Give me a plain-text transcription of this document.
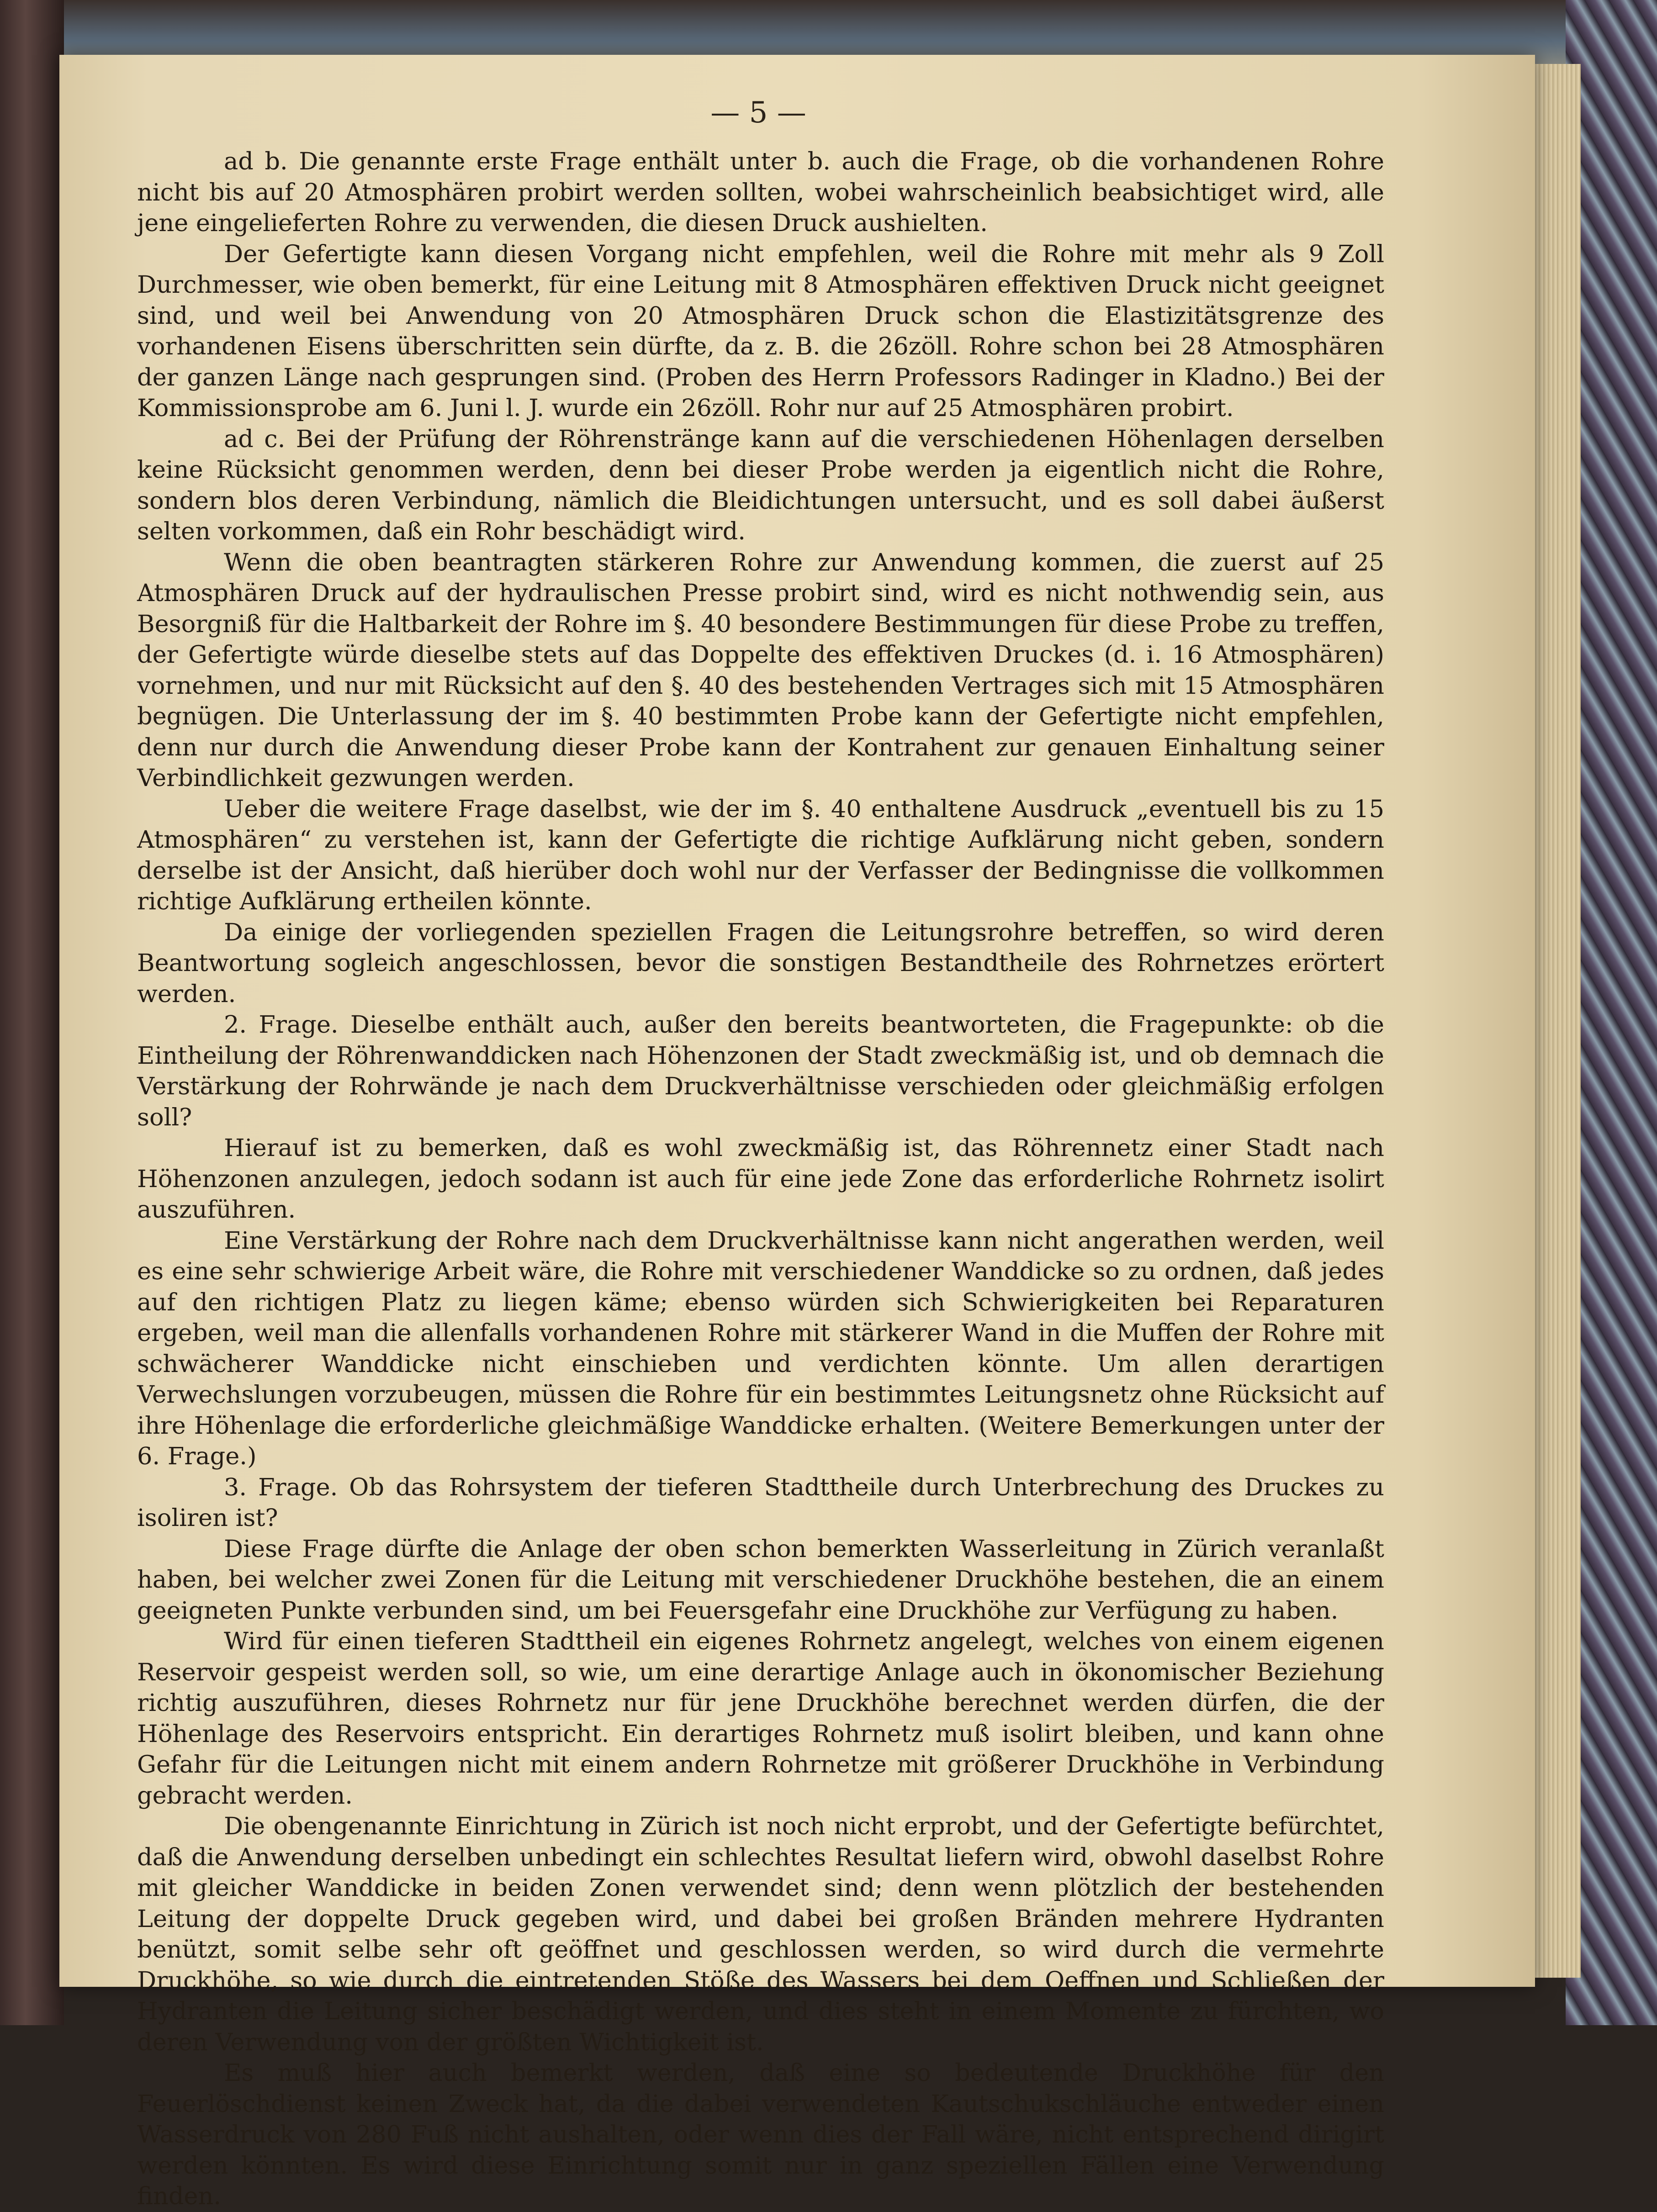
— 5 —

ad b. Die genannte erste Frage enthält unter b. auch die Frage, ob die vorhandenen Rohre nicht bis auf 20 Atmosphären probirt werden sollten, wobei wahrscheinlich beabsichtiget wird, alle jene eingelieferten Rohre zu verwenden, die diesen Druck aushielten.

Der Gefertigte kann diesen Vorgang nicht empfehlen, weil die Rohre mit mehr als 9 Zoll Durchmesser, wie oben bemerkt, für eine Leitung mit 8 Atmosphären effektiven Druck nicht geeignet sind, und weil bei Anwendung von 20 Atmosphären Druck schon die Elastizitätsgrenze des vorhandenen Eisens überschritten sein dürfte, da z. B. die 26zöll. Rohre schon bei 28 Atmosphären der ganzen Länge nach gesprungen sind. (Proben des Herrn Professors Radinger in Kladno.) Bei der Kommissionsprobe am 6. Juni l. J. wurde ein 26zöll. Rohr nur auf 25 Atmosphären probirt.

ad c. Bei der Prüfung der Röhrenstränge kann auf die verschiedenen Höhenlagen derselben keine Rücksicht genommen werden, denn bei dieser Probe werden ja eigentlich nicht die Rohre, sondern blos deren Verbindung, nämlich die Bleidichtungen untersucht, und es soll dabei äußerst selten vorkommen, daß ein Rohr beschädigt wird.

Wenn die oben beantragten stärkeren Rohre zur Anwendung kommen, die zuerst auf 25 Atmosphären Druck auf der hydraulischen Presse probirt sind, wird es nicht nothwendig sein, aus Besorgniß für die Haltbarkeit der Rohre im §. 40 besondere Bestimmungen für diese Probe zu treffen, der Gefertigte würde dieselbe stets auf das Doppelte des effektiven Druckes (d. i. 16 Atmosphären) vornehmen, und nur mit Rücksicht auf den §. 40 des bestehenden Vertrages sich mit 15 Atmosphären begnügen. Die Unterlassung der im §. 40 bestimmten Probe kann der Gefertigte nicht empfehlen, denn nur durch die Anwendung dieser Probe kann der Kontrahent zur genauen Einhaltung seiner Verbindlichkeit gezwungen werden.

Ueber die weitere Frage daselbst, wie der im §. 40 enthaltene Ausdruck „eventuell bis zu 15 Atmosphären“ zu verstehen ist, kann der Gefertigte die richtige Aufklärung nicht geben, sondern derselbe ist der Ansicht, daß hierüber doch wohl nur der Verfasser der Bedingnisse die vollkommen richtige Aufklärung ertheilen könnte.

Da einige der vorliegenden speziellen Fragen die Leitungsrohre betreffen, so wird deren Beantwortung sogleich angeschlossen, bevor die sonstigen Bestandtheile des Rohrnetzes erörtert werden.

2. Frage. Dieselbe enthält auch, außer den bereits beantworteten, die Fragepunkte: ob die Eintheilung der Röhrenwanddicken nach Höhenzonen der Stadt zweckmäßig ist, und ob demnach die Verstärkung der Rohrwände je nach dem Druckverhältnisse verschieden oder gleichmäßig erfolgen soll?

Hierauf ist zu bemerken, daß es wohl zweckmäßig ist, das Röhrennetz einer Stadt nach Höhenzonen anzulegen, jedoch sodann ist auch für eine jede Zone das erforderliche Rohrnetz isolirt auszuführen.

Eine Verstärkung der Rohre nach dem Druckverhältnisse kann nicht angerathen werden, weil es eine sehr schwierige Arbeit wäre, die Rohre mit verschiedener Wanddicke so zu ordnen, daß jedes auf den richtigen Platz zu liegen käme; ebenso würden sich Schwierigkeiten bei Reparaturen ergeben, weil man die allenfalls vorhandenen Rohre mit stärkerer Wand in die Muffen der Rohre mit schwächerer Wanddicke nicht einschieben und verdichten könnte. Um allen derartigen Verwechslungen vorzubeugen, müssen die Rohre für ein bestimmtes Leitungsnetz ohne Rücksicht auf ihre Höhenlage die erforderliche gleichmäßige Wanddicke erhalten. (Weitere Bemerkungen unter der 6. Frage.)

3. Frage. Ob das Rohrsystem der tieferen Stadttheile durch Unterbrechung des Druckes zu isoliren ist?

Diese Frage dürfte die Anlage der oben schon bemerkten Wasserleitung in Zürich veranlaßt haben, bei welcher zwei Zonen für die Leitung mit verschiedener Druckhöhe bestehen, die an einem geeigneten Punkte verbunden sind, um bei Feuersgefahr eine Druckhöhe zur Verfügung zu haben.

Wird für einen tieferen Stadttheil ein eigenes Rohrnetz angelegt, welches von einem eigenen Reservoir gespeist werden soll, so wie, um eine derartige Anlage auch in ökonomischer Beziehung richtig auszuführen, dieses Rohrnetz nur für jene Druckhöhe berechnet werden dürfen, die der Höhenlage des Reservoirs entspricht. Ein derartiges Rohrnetz muß isolirt bleiben, und kann ohne Gefahr für die Leitungen nicht mit einem andern Rohrnetze mit größerer Druckhöhe in Verbindung gebracht werden.

Die obengenannte Einrichtung in Zürich ist noch nicht erprobt, und der Gefertigte befürchtet, daß die Anwendung derselben unbedingt ein schlechtes Resultat liefern wird, obwohl daselbst Rohre mit gleicher Wanddicke in beiden Zonen verwendet sind; denn wenn plötzlich der bestehenden Leitung der doppelte Druck gegeben wird, und dabei bei großen Bränden mehrere Hydranten benützt, somit selbe sehr oft geöffnet und geschlossen werden, so wird durch die vermehrte Druckhöhe, so wie durch die eintretenden Stöße des Wassers bei dem Oeffnen und Schließen der Hydranten die Leitung sicher beschädigt werden, und dies steht in einem Momente zu fürchten, wo deren Verwendung von der größten Wichtigkeit ist.

Es muß hier auch bemerkt werden, daß eine so bedeutende Druckhöhe für den Feuerlöschdienst keinen Zweck hat, da die dabei verwendeten Kautschukschläuche entweder einen Wasserdruck von 280 Fuß nicht aushalten, oder wenn dies der Fall wäre, nicht entsprechend dirigirt werden könnten. Es wird diese Einrichtung somit nur in ganz speziellen Fällen eine Verwendung finden.
